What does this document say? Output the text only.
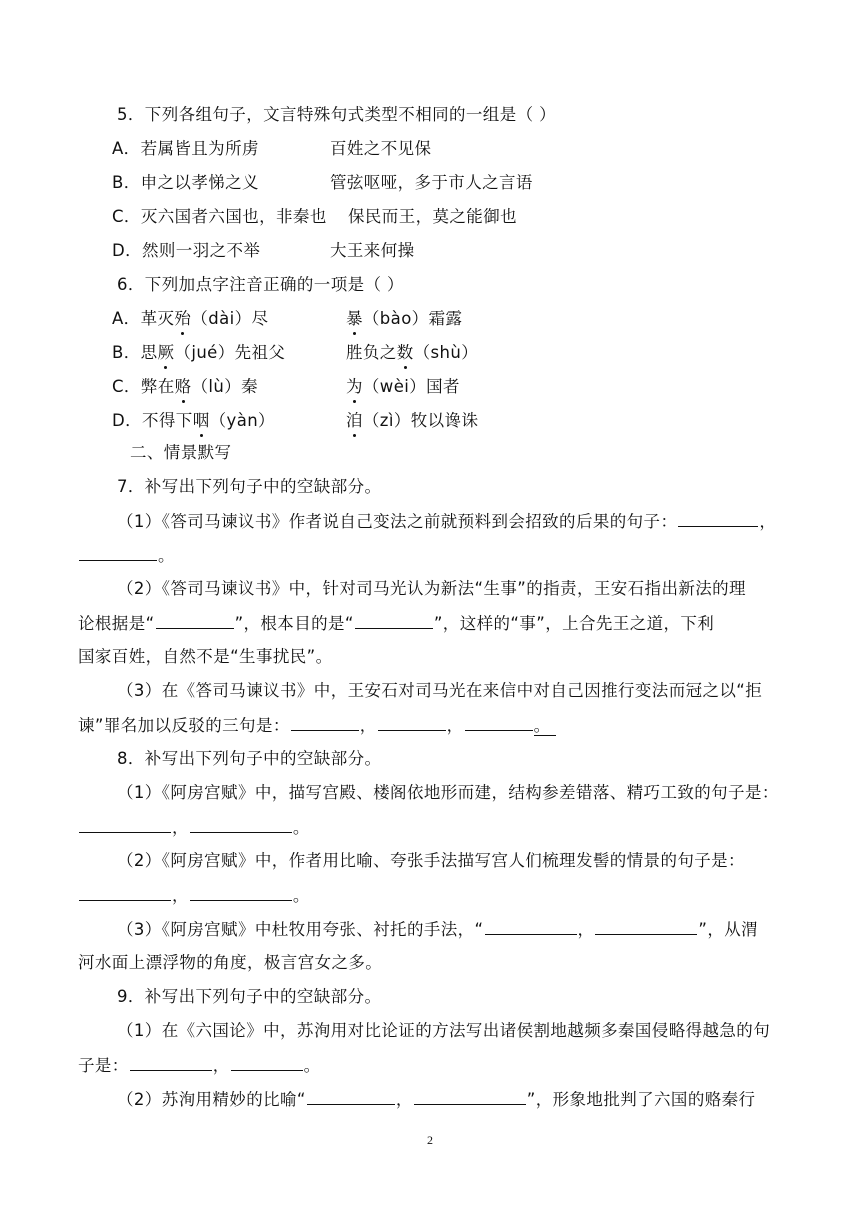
5．下列各组句子，文言特殊句式类型不相同的一组是（ ）
A．若属皆且为所虏	百姓之不见保
B．申之以孝悌之义	管弦呕哑，多于市人之言语
C．灭六国者六国也，非秦也 保民而王，莫之能御也
D．然则一羽之不举	大王来何操
6．下列加点字注音正确的一项是（ ）
A．革灭殆（dài）尽	暴（bào）霜露
B．思厥（jué）先祖父	胜负之数（shù）
C．弊在赂（lù）秦	为（wèi）国者
D．不得下咽（yàn）	洎（zì）牧以谗诛
二、情景默写
7．补写出下列句子中的空缺部分。
（1）《答司马谏议书》作者说自己变法之前就预料到会招致的后果的句子：	，
。
（2）《答司马谏议书》中，针对司马光认为新法“生事”的指责，王安石指出新法的理
论根据是“	”，根本目的是“	”，这样的“事”，上合先王之道，下利
国家百姓，自然不是“生事扰民”。
（3）在《答司马谏议书》中，王安石对司马光在来信中对自己因推行变法而冠之以“拒
谏”罪名加以反驳的三句是：	，	，	。
8．补写出下列句子中的空缺部分。
（1）《阿房宫赋》中，描写宫殿、楼阁依地形而建，结构参差错落、精巧工致的句子是：
，	。
（2）《阿房宫赋》中，作者用比喻、夸张手法描写宫人们梳理发髻的情景的句子是：
，	。
（3）《阿房宫赋》中杜牧用夸张、衬托的手法，“	，	”，从渭
河水面上漂浮物的角度，极言宫女之多。
9．补写出下列句子中的空缺部分。
（1）在《六国论》中，苏洵用对比论证的方法写出诸侯割地越频多秦国侵略得越急的句
子是：	，	。
（2）苏洵用精妙的比喻“	，	”，形象地批判了六国的赂秦行
2
